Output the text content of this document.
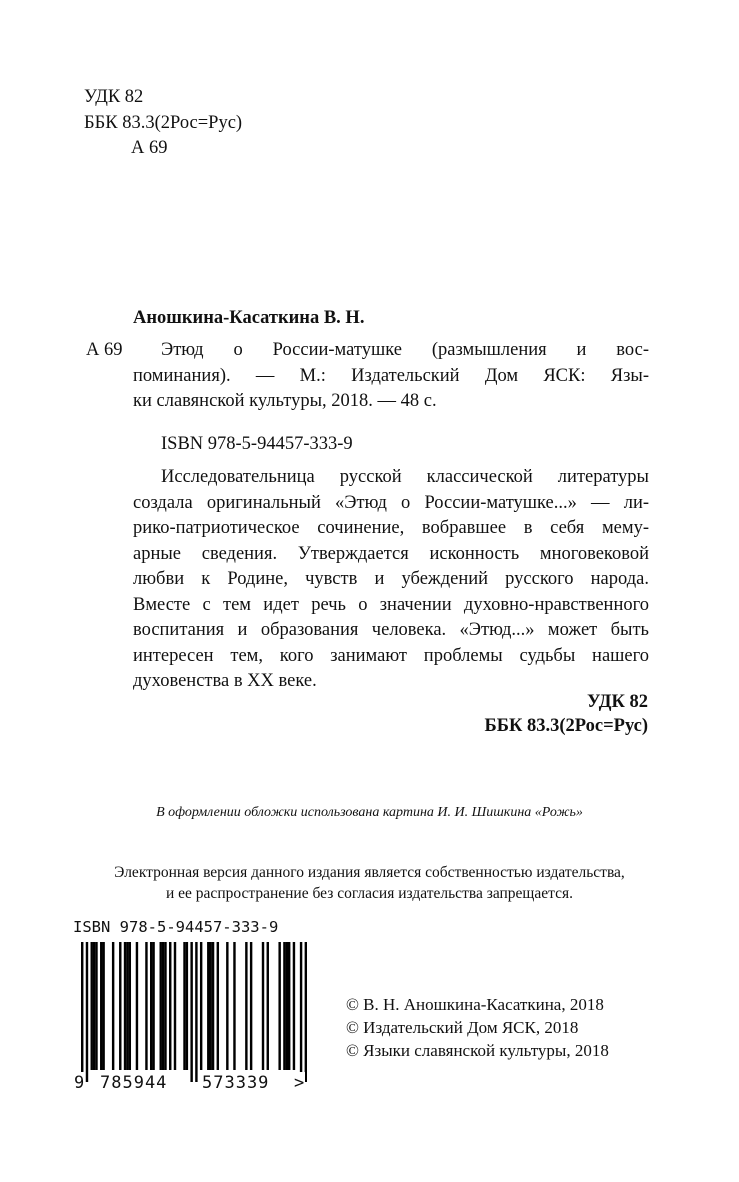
УДК 82
ББК 83.3(2Рос=Рус)
А 69
Аношкина-Касаткина В. Н.
А 69 Этюд о России-матушке (размышления и вос-
поминания). — М.: Издательский Дом ЯСК: Язы-
ки славянской культуры, 2018. — 48 с.
ISBN 978-5-94457-333-9
Исследовательница русской классической литературы
создала оригинальный «Этюд о России-матушке...» — ли-
рико-патриотическое сочинение, вобравшее в себя мему-
арные сведения. Утверждается исконность многовековой
любви к Родине, чувств и убеждений русского народа.
Вместе с тем идет речь о значении духовно-нравственного
воспитания и образования человека. «Этюд...» может быть
интересен тем, кого занимают проблемы судьбы нашего
духовенства в XX веке.
УДК 82
ББК 83.3(2Рос=Рус)
В оформлении обложки использована картина И. И. Шишкина «Рожь»
Электронная версия данного издания является собственностью издательства,
и ее распространение без согласия издательства запрещается.
ISBN 978-5-94457-333-9
9 785944 573339 >
© В. Н. Аношкина-Касаткина, 2018
© Издательский Дом ЯСК, 2018
© Языки славянской культуры, 2018
